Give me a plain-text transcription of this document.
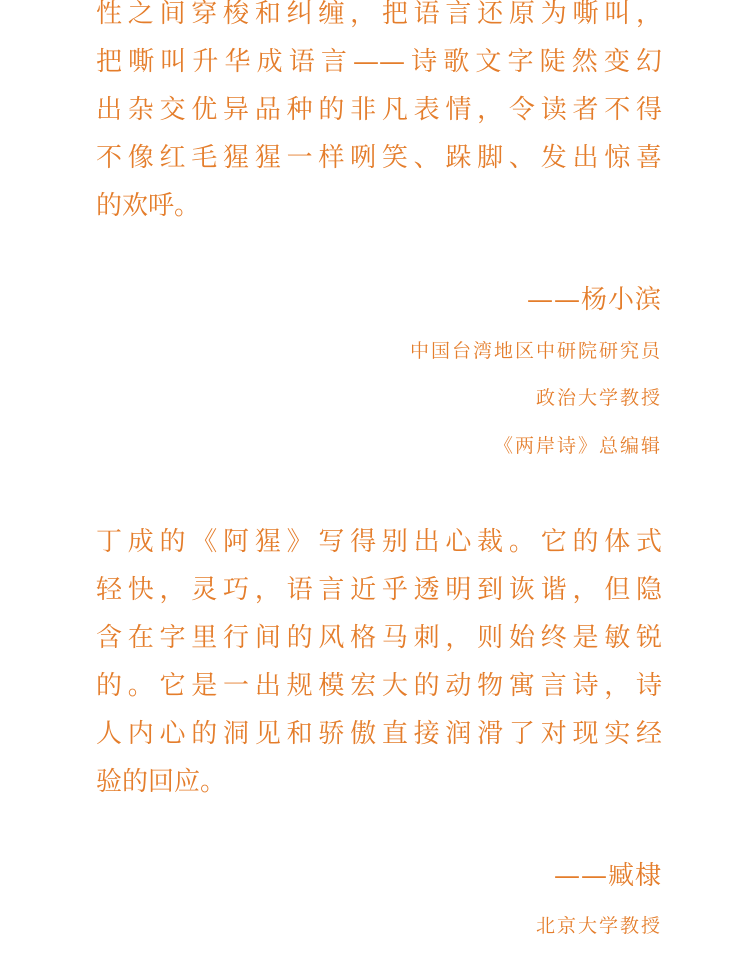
性之间穿梭和纠缠，把语言还原为嘶叫，
把嘶叫升华成语言——诗歌文字陡然变幻
出杂交优异品种的非凡表情，令读者不得
不像红毛猩猩一样咧笑、跺脚、发出惊喜
的欢呼。
——杨小滨
中国台湾地区中研院研究员
政治大学教授
《两岸诗》总编辑
丁成的《阿猩》写得别出心裁。它的体式
轻快，灵巧，语言近乎透明到诙谐，但隐
含在字里行间的风格马刺，则始终是敏锐
的。它是一出规模宏大的动物寓言诗，诗
人内心的洞见和骄傲直接润滑了对现实经
验的回应。
——臧棣
北京大学教授
